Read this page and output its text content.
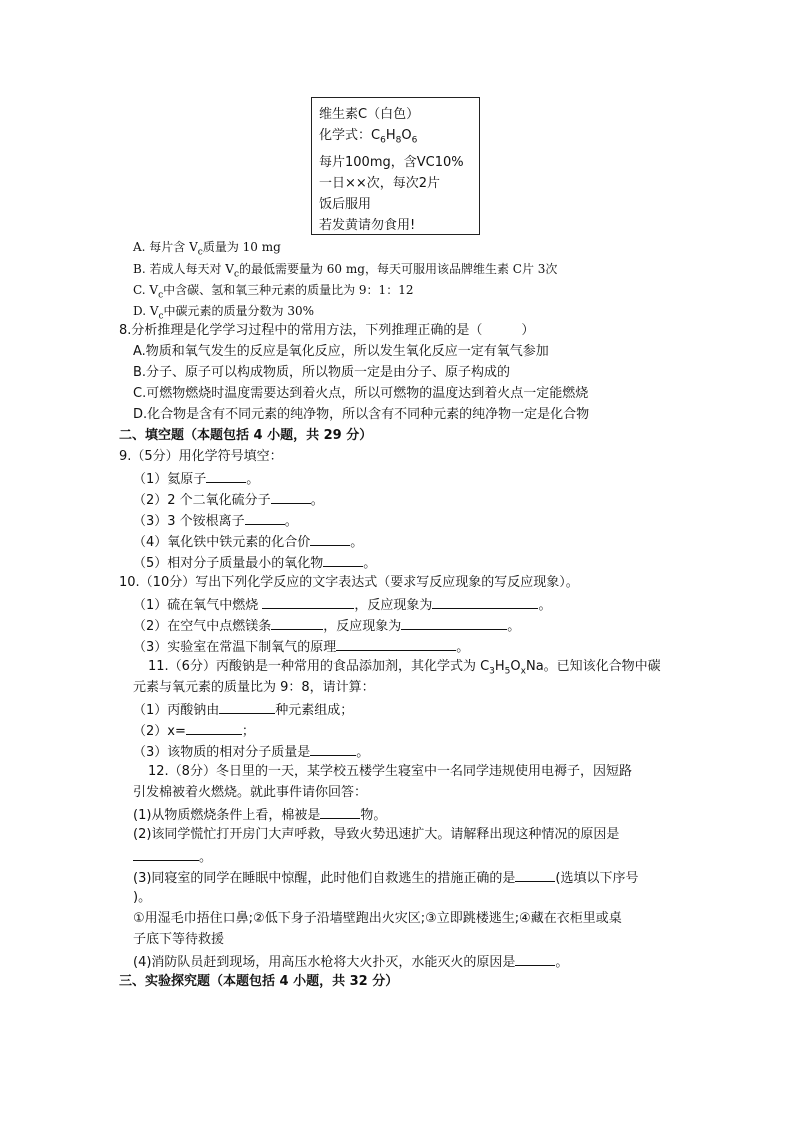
维生素C（白色）
化学式：$C_6H_8O_6$
每片100mg，含VC10%
一日××次，每次2片
饭后服用
若发黄请勿食用!
A. 每片含 $V_c$质量为 10 mg
B. 若成人每天对 $V_c$的最低需要量为 60 mg，每天可服用该品牌维生素 C片 3次
C. $V_c$中含碳、氢和氧三种元素的质量比为 9：1：12
D. $V_c$中碳元素的质量分数为 30%
8.分析推理是化学学习过程中的常用方法，下列推理正确的是（　　　）
A.物质和氧气发生的反应是氧化反应，所以发生氧化反应一定有氧气参加
B.分子、原子可以构成物质，所以物质一定是由分子、原子构成的
C.可燃物燃烧时温度需要达到着火点，所以可燃物的温度达到着火点一定能燃烧
D.化合物是含有不同元素的纯净物，所以含有不同种元素的纯净物一定是化合物
二、填空题（本题包括 4 小题，共 29 分）
9.（5分）用化学符号填空：
（1）氦原子	。
（2）2 个二氧化硫分子	。
（3）3 个铵根离子	。
（4）氧化铁中铁元素的化合价	。
（5）相对分子质量最小的氧化物	。
10.（10分）写出下列化学反应的文字表达式（要求写反应现象的写反应现象）。
（1）硫在氧气中燃烧	，反应现象为	。
（2）在空气中点燃镁条	，反应现象为	。
（3）实验室在常温下制氧气的原理	。
11.（6分）丙酸钠是一种常用的食品添加剂，其化学式为 $C_3H_5O_xNa$。已知该化合物中碳
元素与氧元素的质量比为 9：8，请计算：
（1）丙酸钠由	种元素组成；
（2）x=	；
（3）该物质的相对分子质量是	。
12.（8分）冬日里的一天，某学校五楼学生寝室中一名同学违规使用电褥子，因短路
引发棉被着火燃烧。就此事件请你回答：
(1)从物质燃烧条件上看，棉被是	物。
(2)该同学慌忙打开房门大声呼救，导致火势迅速扩大。请解释出现这种情况的原因是
。
(3)同寝室的同学在睡眠中惊醒，此时他们自救逃生的措施正确的是	(选填以下序号
)。
①用湿毛巾捂住口鼻;②低下身子沿墙壁跑出火灾区;③立即跳楼逃生;④藏在衣柜里或桌
子底下等待救援
(4)消防队员赶到现场，用高压水枪将大火扑灭，水能灭火的原因是	。
三、实验探究题（本题包括 4 小题，共 32 分）
